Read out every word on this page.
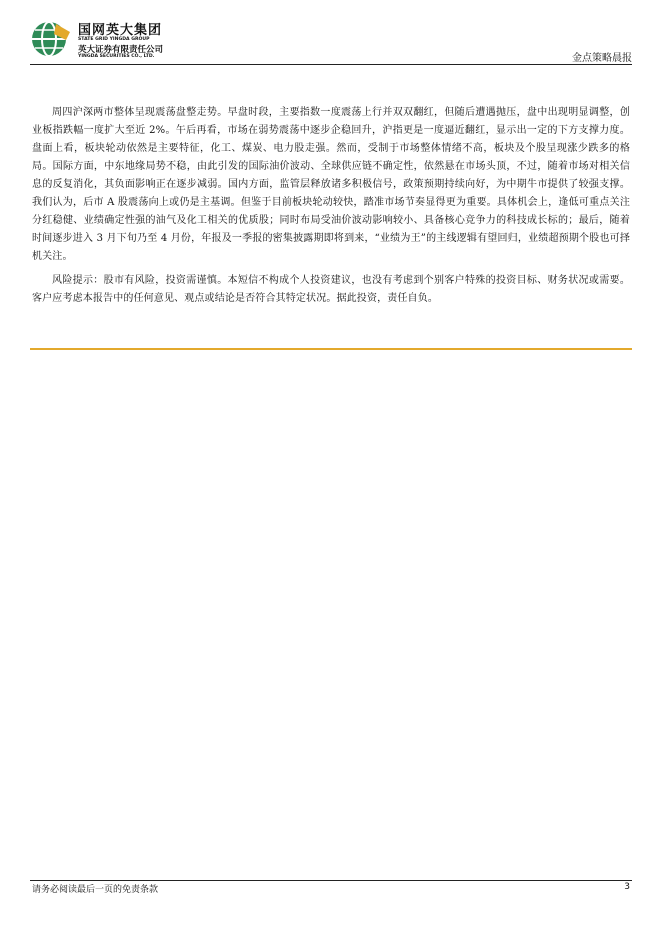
国网英大集团
STATE GRID YINGDA GROUP
英大证券有限责任公司
YINGDA SECURITIES CO., LTD.	金点策略晨报

周四沪深两市整体呈现震荡盘整走势。早盘时段，主要指数一度震荡上行并双双翻红，但随后遭遇抛压，盘中出现明显调整，创业板指跌幅一度扩大至近 2%。午后再看，市场在弱势震荡中逐步企稳回升，沪指更是一度逼近翻红，显示出一定的下方支撑力度。盘面上看，板块轮动依然是主要特征，化工、煤炭、电力股走强。然而，受制于市场整体情绪不高，板块及个股呈现涨少跌多的格局。国际方面，中东地缘局势不稳，由此引发的国际油价波动、全球供应链不确定性，依然悬在市场头顶，不过，随着市场对相关信息的反复消化，其负面影响正在逐步减弱。国内方面，监管层释放诸多积极信号，政策预期持续向好，为中期牛市提供了较强支撑。我们认为，后市 A 股震荡向上或仍是主基调。但鉴于目前板块轮动较快，踏准市场节奏显得更为重要。具体机会上，逢低可重点关注分红稳健、业绩确定性强的油气及化工相关的优质股；同时布局受油价波动影响较小、具备核心竞争力的科技成长标的；最后，随着时间逐步进入 3 月下旬乃至 4 月份，年报及一季报的密集披露期即将到来，“业绩为王”的主线逻辑有望回归，业绩超预期个股也可择机关注。

风险提示：股市有风险，投资需谨慎。本短信不构成个人投资建议，也没有考虑到个别客户特殊的投资目标、财务状况或需要。客户应考虑本报告中的任何意见、观点或结论是否符合其特定状况。据此投资，责任自负。

请务必阅读最后一页的免责条款	3
